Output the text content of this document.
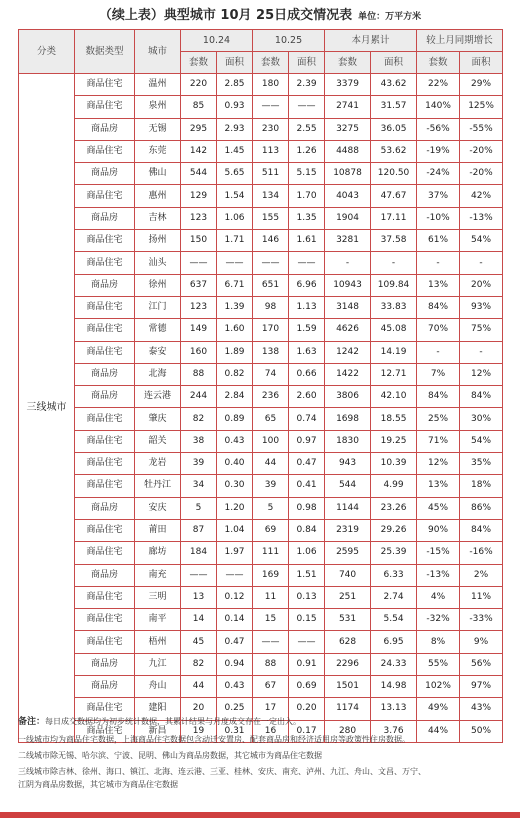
（续上表）典型城市 10月 25日成交情况表 单位：万平方米
分类	数据类型	城市	10.24		10.25		本月累计		较上月同期增长	
			套数	面积	套数	面积	套数	面积	套数	面积
三线城市	商品住宅	温州	220	2.85	180	2.39	3379	43.62	22%	29%
	商品住宅	泉州	85	0.93	——	——	2741	31.57	140%	125%
	商品房	无锡	295	2.93	230	2.55	3275	36.05	-56%	-55%
	商品住宅	东莞	142	1.45	113	1.26	4488	53.62	-19%	-20%
	商品房	佛山	544	5.65	511	5.15	10878	120.50	-24%	-20%
	商品住宅	惠州	129	1.54	134	1.70	4043	47.67	37%	42%
	商品房	吉林	123	1.06	155	1.35	1904	17.11	-10%	-13%
	商品住宅	扬州	150	1.71	146	1.61	3281	37.58	61%	54%
	商品住宅	汕头	——	——	——	——	-	-	-	-
	商品房	徐州	637	6.71	651	6.96	10943	109.84	13%	20%
	商品住宅	江门	123	1.39	98	1.13	3148	33.83	84%	93%
	商品住宅	常德	149	1.60	170	1.59	4626	45.08	70%	75%
	商品住宅	泰安	160	1.89	138	1.63	1242	14.19	-	-
	商品房	北海	88	0.82	74	0.66	1422	12.71	7%	12%
	商品房	连云港	244	2.84	236	2.60	3806	42.10	84%	84%
	商品住宅	肇庆	82	0.89	65	0.74	1698	18.55	25%	30%
	商品住宅	韶关	38	0.43	100	0.97	1830	19.25	71%	54%
	商品住宅	龙岩	39	0.40	44	0.47	943	10.39	12%	35%
	商品住宅	牡丹江	34	0.30	39	0.41	544	4.99	13%	18%
	商品房	安庆	5	1.20	5	0.98	1144	23.26	45%	86%
	商品住宅	莆田	87	1.04	69	0.84	2319	29.26	90%	84%
	商品住宅	廊坊	184	1.97	111	1.06	2595	25.39	-15%	-16%
	商品房	南充	——	——	169	1.51	740	6.33	-13%	2%
	商品住宅	三明	13	0.12	11	0.13	251	2.74	4%	11%
	商品住宅	南平	14	0.14	15	0.15	531	5.54	-32%	-33%
	商品住宅	梧州	45	0.47	——	——	628	6.95	8%	9%
	商品房	九江	82	0.94	88	0.91	2296	24.33	55%	56%
	商品房	舟山	44	0.43	67	0.69	1501	14.98	102%	97%
	商品住宅	建阳	20	0.25	17	0.20	1174	13.13	49%	43%
	商品住宅	新昌	19	0.31	16	0.17	280	3.76	44%	50%

备注：每日成交数据均为初步统计数据，其累计结果与月度成交存在一定出入。

一线城市均为商品住宅数据，上海商品住宅数据包含动迁安置房、配套商品房和经济适用房等政策性住房数据。

二线城市除无锡、哈尔滨、宁波、昆明、佛山为商品房数据，其它城市为商品住宅数据

三线城市除吉林、徐州、海口、镇江、北海、连云港、三亚、桂林、安庆、南充、泸州、九江、舟山、文昌、万宁、

江阴为商品房数据，其它城市为商品住宅数据
